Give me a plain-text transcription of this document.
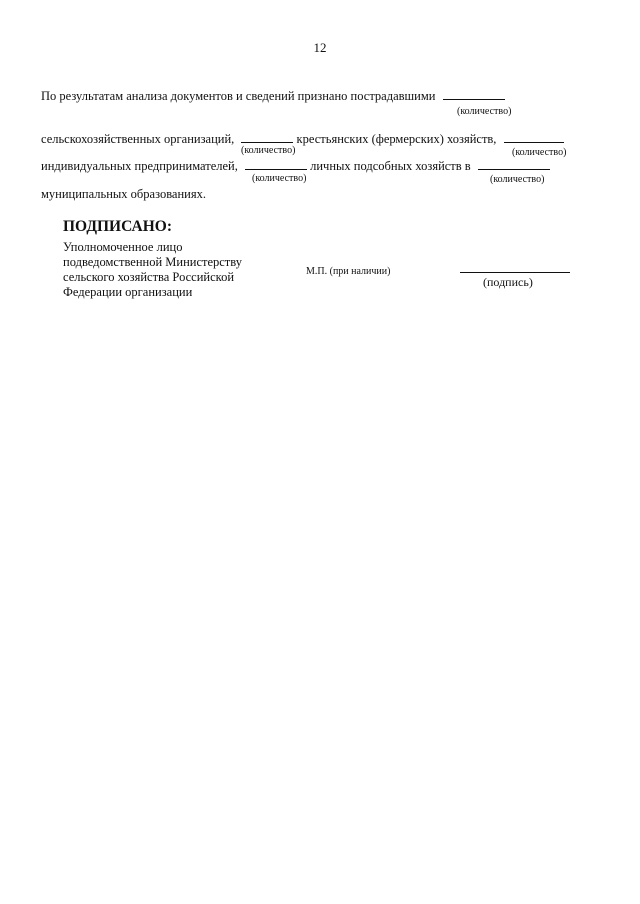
12
По результатам анализа документов и сведений признано пострадавшими
(количество)
сельскохозяйственных организаций,	крестьянских (фермерских) хозяйств,
(количество)	(количество)
индивидуальных предпринимателей,	личных подсобных хозяйств в
(количество)	(количество)
муниципальных образованиях.
ПОДПИСАНО:
Уполномоченное лицо
подведомственной Министерству
сельского хозяйства Российской
Федерации организации
М.П. (при наличии)
(подпись)
